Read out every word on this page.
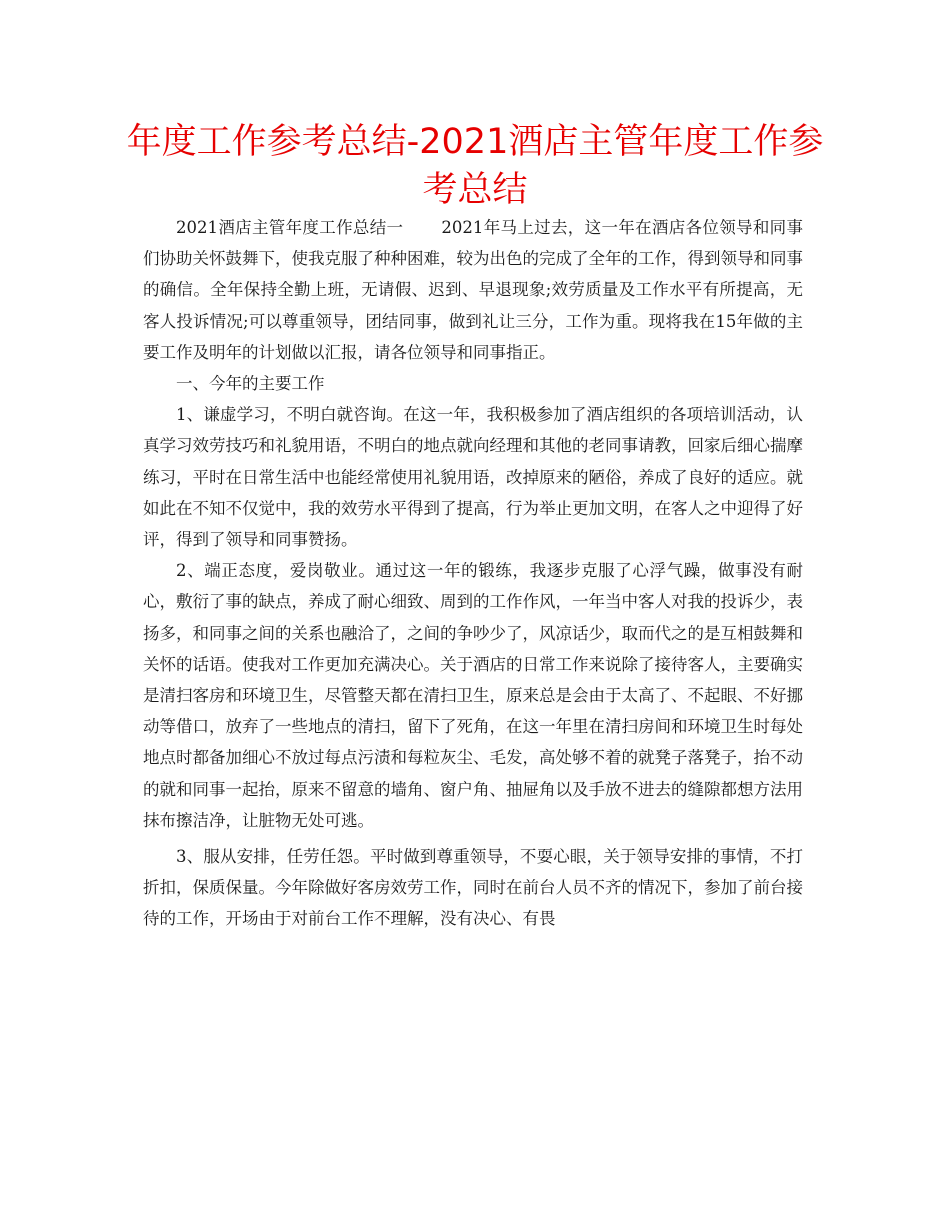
年度工作参考总结-2021酒店主管年度工作参考总结

2021酒店主管年度工作总结一 2021年马上过去，这一年在酒店各位领导和同事们协助关怀鼓舞下，使我克服了种种困难，较为出色的完成了全年的工作，得到领导和同事的确信。全年保持全勤上班，无请假、迟到、早退现象;效劳质量及工作水平有所提高，无客人投诉情况;可以尊重领导，团结同事，做到礼让三分，工作为重。现将我在15年做的主要工作及明年的计划做以汇报，请各位领导和同事指正。

一、今年的主要工作

1、谦虚学习，不明白就咨询。在这一年，我积极参加了酒店组织的各项培训活动，认真学习效劳技巧和礼貌用语，不明白的地点就向经理和其他的老同事请教，回家后细心揣摩练习，平时在日常生活中也能经常使用礼貌用语，改掉原来的陋俗，养成了良好的适应。就如此在不知不仅觉中，我的效劳水平得到了提高，行为举止更加文明，在客人之中迎得了好评，得到了领导和同事赞扬。

2、端正态度，爱岗敬业。通过这一年的锻练，我逐步克服了心浮气躁，做事没有耐心，敷衍了事的缺点，养成了耐心细致、周到的工作作风，一年当中客人对我的投诉少，表扬多，和同事之间的关系也融洽了，之间的争吵少了，风凉话少，取而代之的是互相鼓舞和关怀的话语。使我对工作更加充满决心。关于酒店的日常工作来说除了接待客人，主要确实是清扫客房和环境卫生，尽管整天都在清扫卫生，原来总是会由于太高了、不起眼、不好挪动等借口，放弃了一些地点的清扫，留下了死角，在这一年里在清扫房间和环境卫生时每处地点时都备加细心不放过每点污渍和每粒灰尘、毛发，高处够不着的就凳子落凳子，抬不动的就和同事一起抬，原来不留意的墙角、窗户角、抽屉角以及手放不进去的缝隙都想方法用抹布擦洁净，让脏物无处可逃。

3、服从安排，任劳任怨。平时做到尊重领导，不耍心眼，关于领导安排的事情，不打折扣，保质保量。今年除做好客房效劳工作，同时在前台人员不齐的情况下，参加了前台接待的工作，开场由于对前台工作不理解，没有决心、有畏
